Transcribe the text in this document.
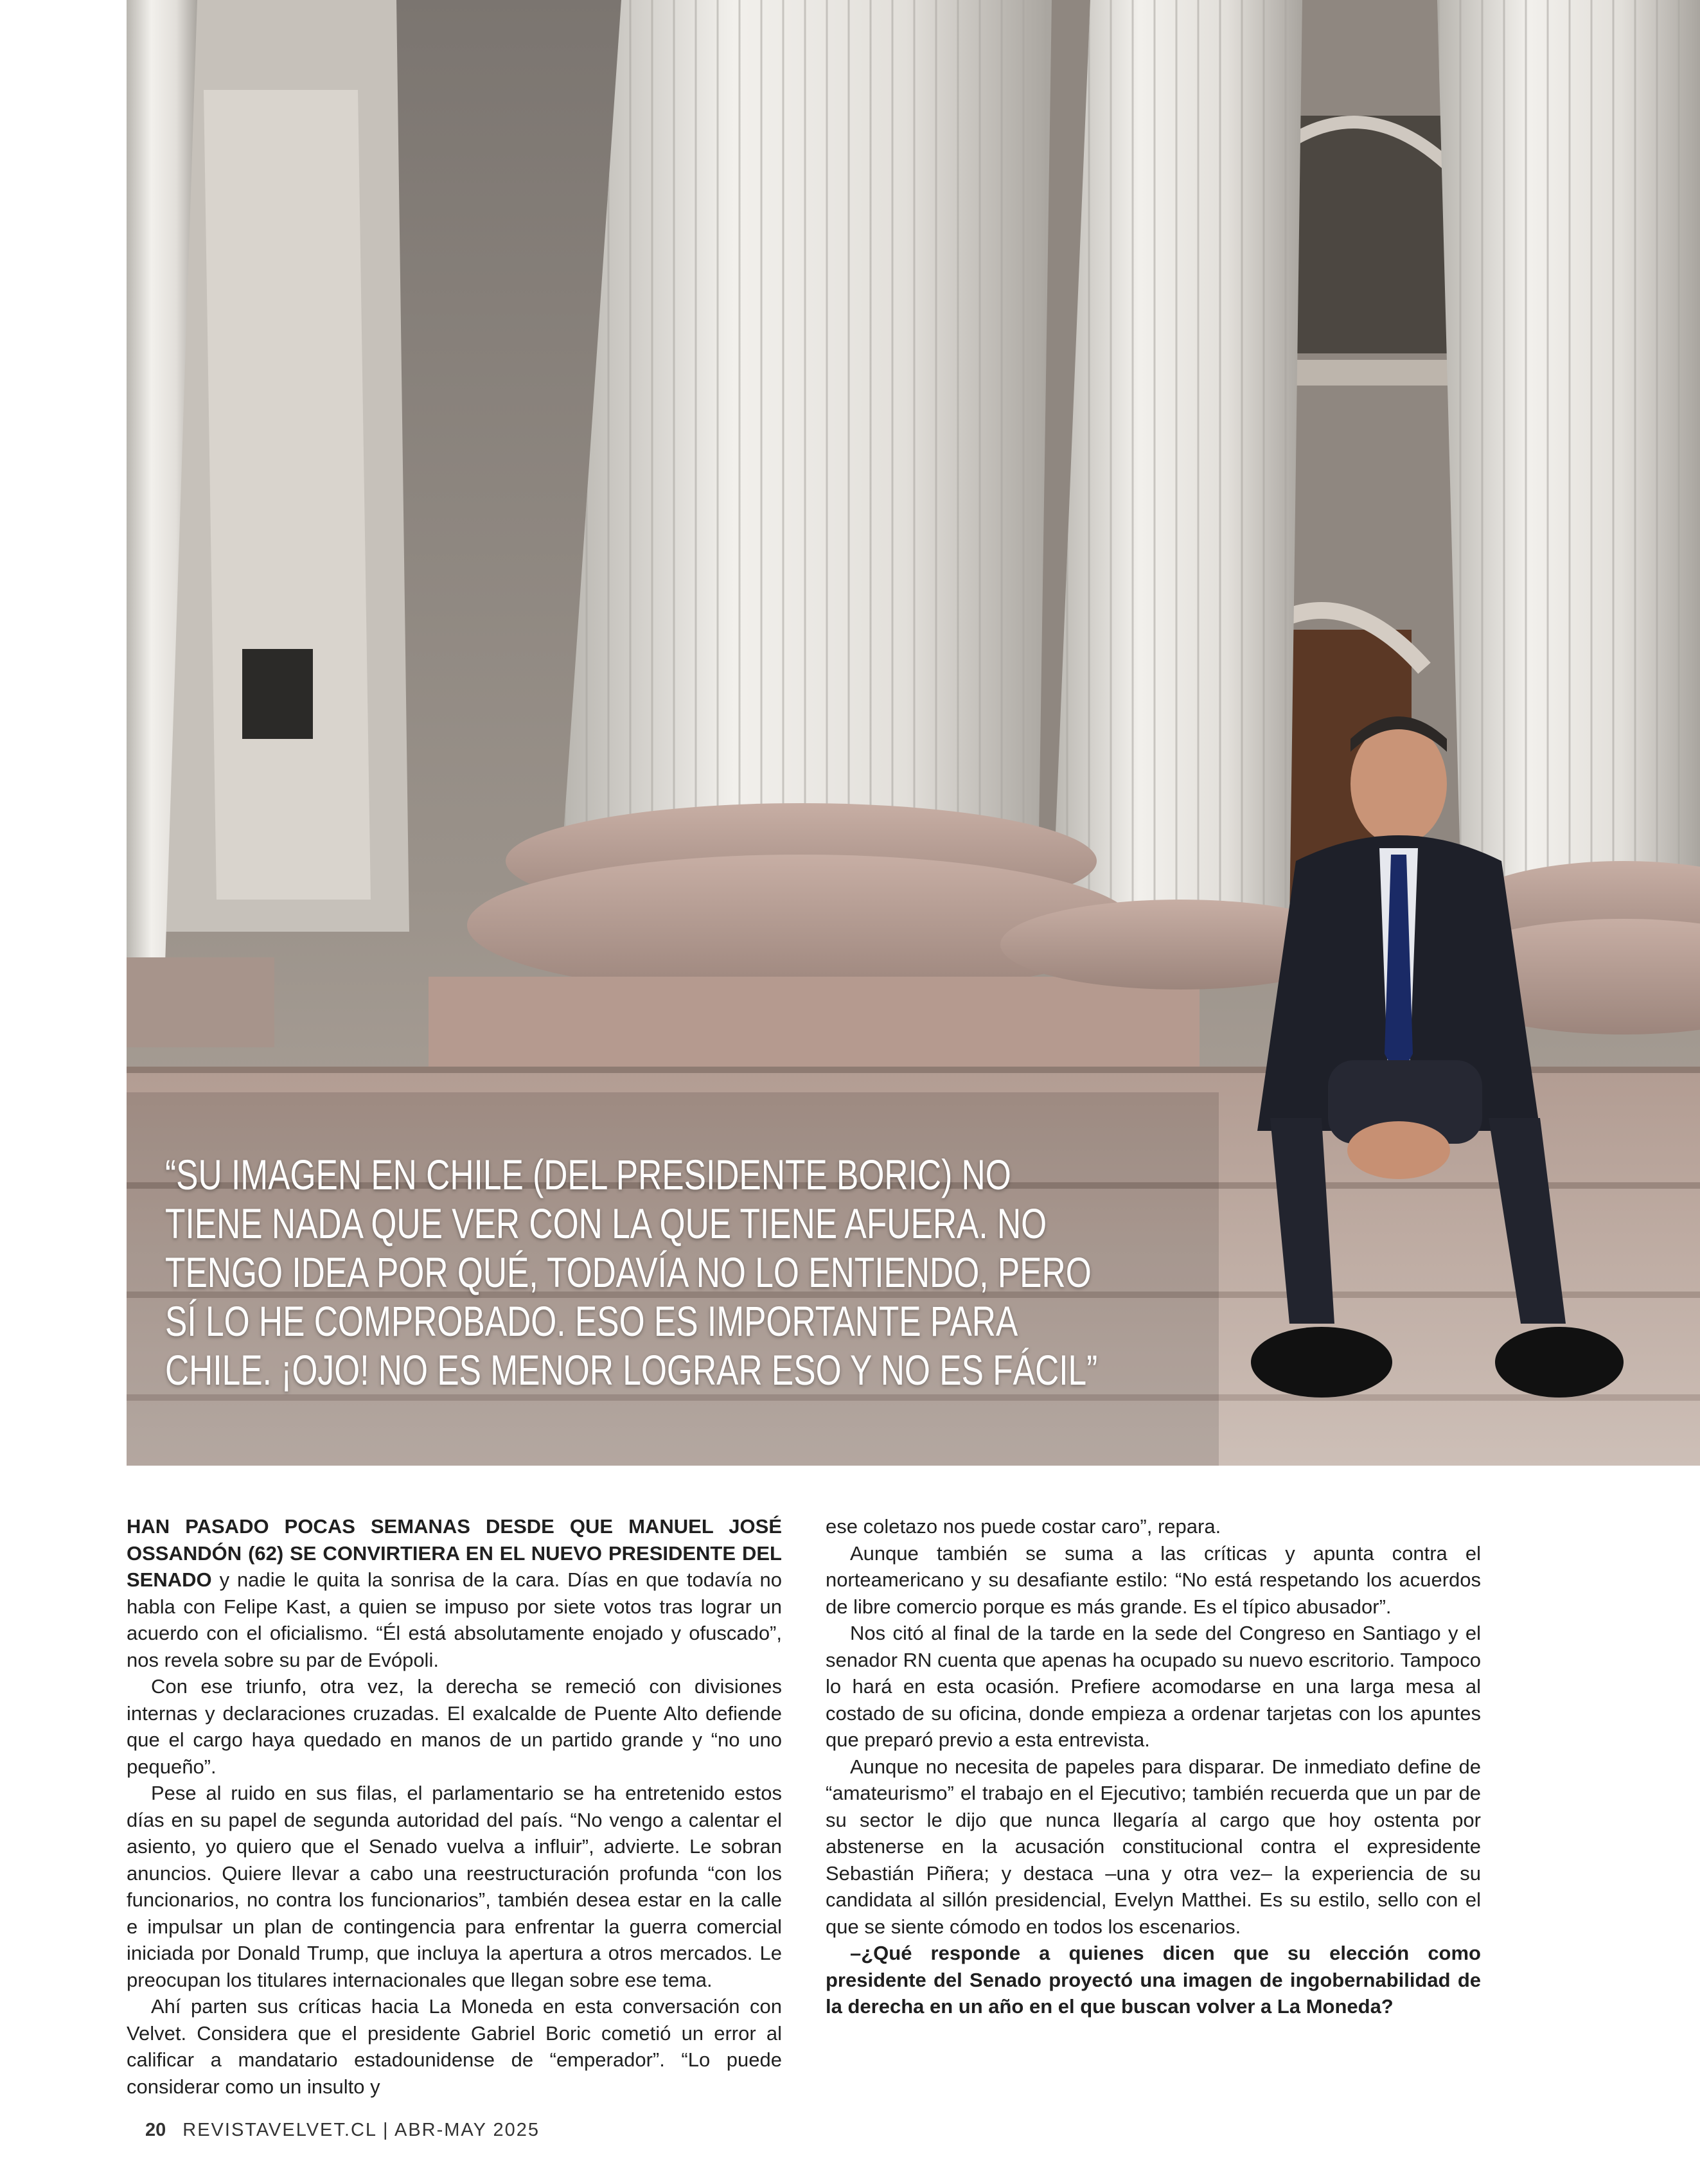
“SU IMAGEN EN CHILE (DEL PRESIDENTE BORIC) NO
TIENE NADA QUE VER CON LA QUE TIENE AFUERA. NO
TENGO IDEA POR QUÉ, TODAVÍA NO LO ENTIENDO, PERO
SÍ LO HE COMPROBADO. ESO ES IMPORTANTE PARA
CHILE. ¡OJO! NO ES MENOR LOGRAR ESO Y NO ES FÁCIL”

HAN PASADO POCAS SEMANAS DESDE QUE MANUEL JOSÉ OSSANDÓN (62) SE CONVIRTIERA EN EL NUEVO PRESIDENTE DEL SENADO y nadie le quita la sonrisa de la cara. Días en que todavía no habla con Felipe Kast, a quien se impuso por siete votos tras lograr un acuerdo con el oficialismo. “Él está absolutamente enojado y ofuscado”, nos revela sobre su par de Evópoli.

Con ese triunfo, otra vez, la derecha se remeció con divisiones internas y declaraciones cruzadas. El exalcalde de Puente Alto defiende que el cargo haya quedado en manos de un partido grande y “no uno pequeño”.

Pese al ruido en sus filas, el parlamentario se ha entretenido estos días en su papel de segunda autoridad del país. “No vengo a calentar el asiento, yo quiero que el Senado vuelva a influir”, advierte. Le sobran anuncios. Quiere llevar a cabo una reestructuración profunda “con los funcionarios, no contra los funcionarios”, también desea estar en la calle e impulsar un plan de contingencia para enfrentar la guerra comercial iniciada por Donald Trump, que incluya la apertura a otros mercados. Le preocupan los titulares internacionales que llegan sobre ese tema.

Ahí parten sus críticas hacia La Moneda en esta conversación con Velvet. Considera que el presidente Gabriel Boric cometió un error al calificar a mandatario estadounidense de “emperador”. “Lo puede considerar como un insulto y

ese coletazo nos puede costar caro”, repara.

Aunque también se suma a las críticas y apunta contra el norteamericano y su desafiante estilo: “No está respetando los acuerdos de libre comercio porque es más grande. Es el típico abusador”.

Nos citó al final de la tarde en la sede del Congreso en Santiago y el senador RN cuenta que apenas ha ocupado su nuevo escritorio. Tampoco lo hará en esta ocasión. Prefiere acomodarse en una larga mesa al costado de su oficina, donde empieza a ordenar tarjetas con los apuntes que preparó previo a esta entrevista.

Aunque no necesita de papeles para disparar. De inmediato define de “amateurismo” el trabajo en el Ejecutivo; también recuerda que un par de su sector le dijo que nunca llegaría al cargo que hoy ostenta por abstenerse en la acusación constitucional contra el expresidente Sebastián Piñera; y destaca –una y otra vez– la experiencia de su candidata al sillón presidencial, Evelyn Matthei. Es su estilo, sello con el que se siente cómodo en todos los escenarios.

–¿Qué responde a quienes dicen que su elección como presidente del Senado proyectó una imagen de ingobernabilidad de la derecha en un año en el que buscan volver a La Moneda?

20 REVISTAVELVET.CL | ABR-MAY 2025
